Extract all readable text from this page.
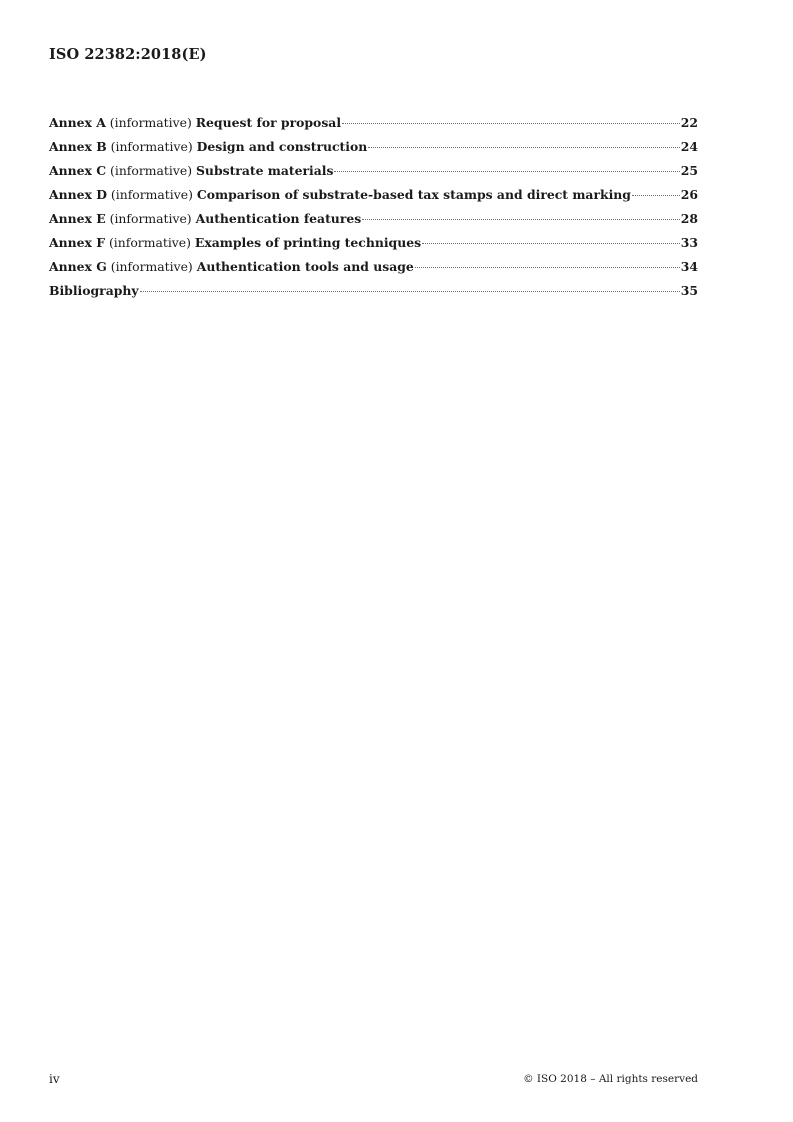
ISO 22382:2018(E)
Annex A (informative) Request for proposal	22
Annex B (informative) Design and construction	24
Annex C (informative) Substrate materials	25
Annex D (informative) Comparison of substrate-based tax stamps and direct marking	26
Annex E (informative) Authentication features	28
Annex F (informative) Examples of printing techniques	33
Annex G (informative) Authentication tools and usage	34
Bibliography	35
iv	© ISO 2018 – All rights reserved
